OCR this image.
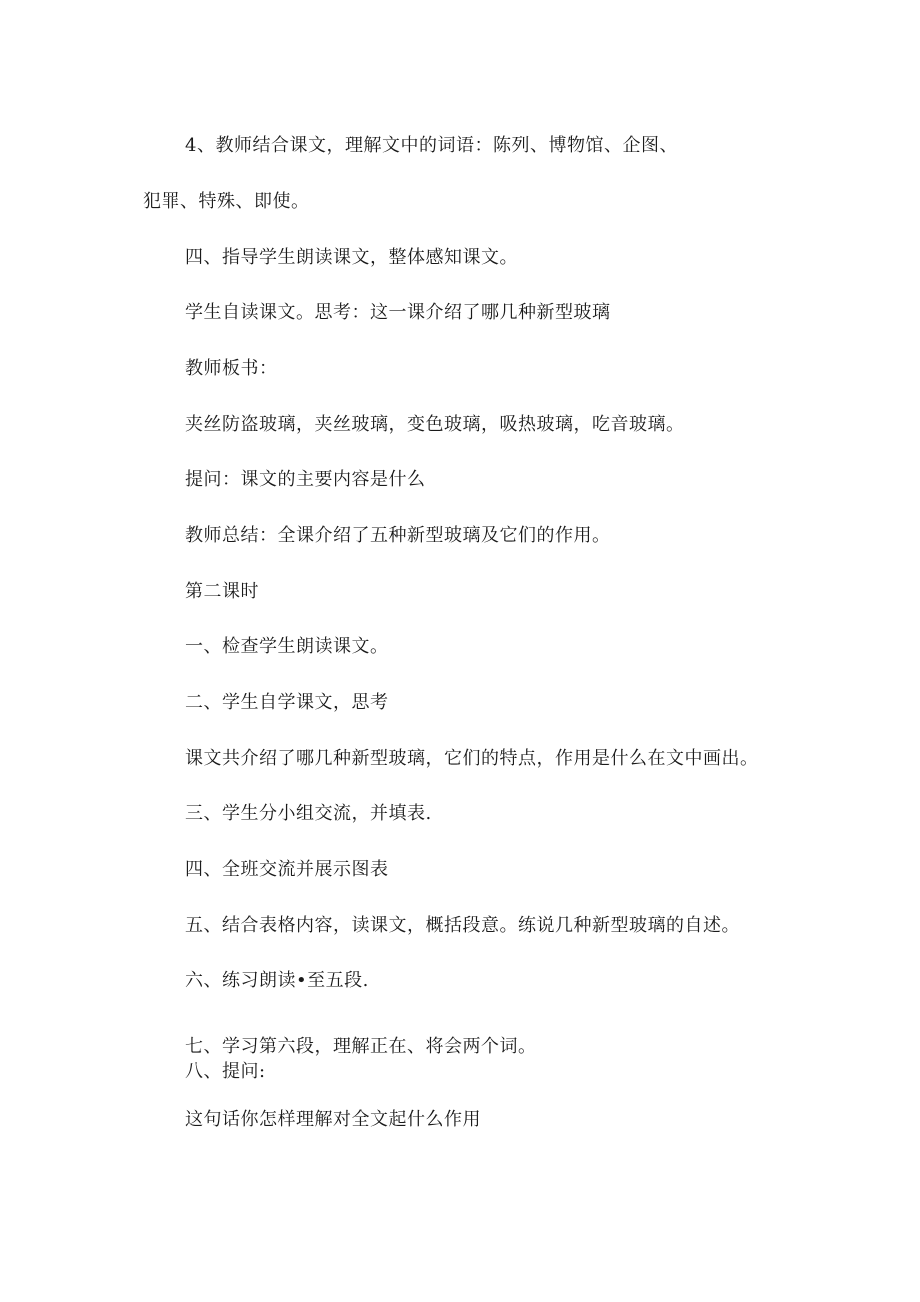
4、教师结合课文，理解文中的词语：陈列、博物馆、企图、
犯罪、特殊、即使。
四、指导学生朗读课文，整体感知课文。
学生自读课文。思考：这一课介绍了哪几种新型玻璃
教师板书：
夹丝防盗玻璃，夹丝玻璃，变色玻璃，吸热玻璃，吃音玻璃。
提问：课文的主要内容是什么
教师总结：全课介绍了五种新型玻璃及它们的作用。
第二课时
一、检查学生朗读课文。
二、学生自学课文，思考
课文共介绍了哪几种新型玻璃，它们的特点，作用是什么在文中画出。
三、学生分小组交流，并填表.
四、全班交流并展示图表
五、结合表格内容，读课文，概括段意。练说几种新型玻璃的自述。
六、练习朗读•至五段.
七、学习第六段，理解正在、将会两个词。
八、提问:
这句话你怎样理解对全文起什么作用
